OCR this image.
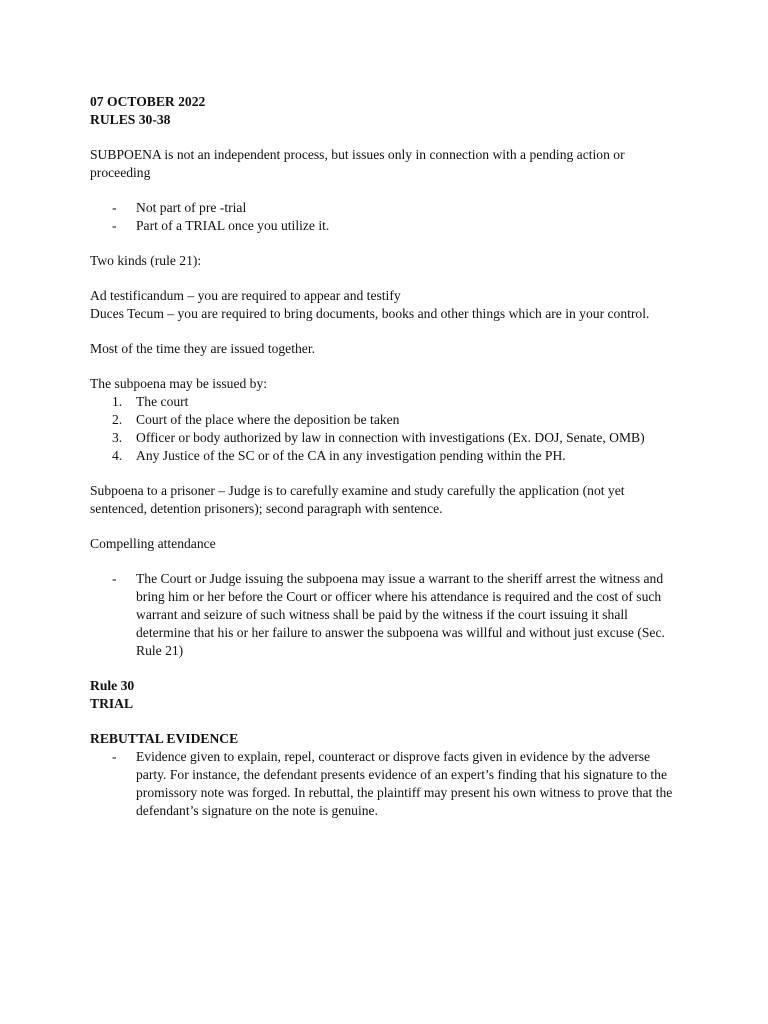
07 OCTOBER 2022

RULES 30-38

SUBPOENA is not an independent process, but issues only in connection with a pending action or proceeding

- Not part of pre -trial
- Part of a TRIAL once you utilize it.

Two kinds (rule 21):

Ad testificandum – you are required to appear and testify

Duces Tecum – you are required to bring documents, books and other things which are in your control.

Most of the time they are issued together.

The subpoena may be issued by:

1. The court
2. Court of the place where the deposition be taken
3. Officer or body authorized by law in connection with investigations (Ex. DOJ, Senate, OMB)
4. Any Justice of the SC or of the CA in any investigation pending within the PH.

Subpoena to a prisoner – Judge is to carefully examine and study carefully the application (not yet sentenced, detention prisoners); second paragraph with sentence.

Compelling attendance

- The Court or Judge issuing the subpoena may issue a warrant to the sheriff arrest the witness and bring him or her before the Court or officer where his attendance is required and the cost of such warrant and seizure of such witness shall be paid by the witness if the court issuing it shall determine that his or her failure to answer the subpoena was willful and without just excuse (Sec. Rule 21)

Rule 30

TRIAL

REBUTTAL EVIDENCE

- Evidence given to explain, repel, counteract or disprove facts given in evidence by the adverse party. For instance, the defendant presents evidence of an expert’s finding that his signature to the promissory note was forged. In rebuttal, the plaintiff may present his own witness to prove that the defendant’s signature on the note is genuine.
